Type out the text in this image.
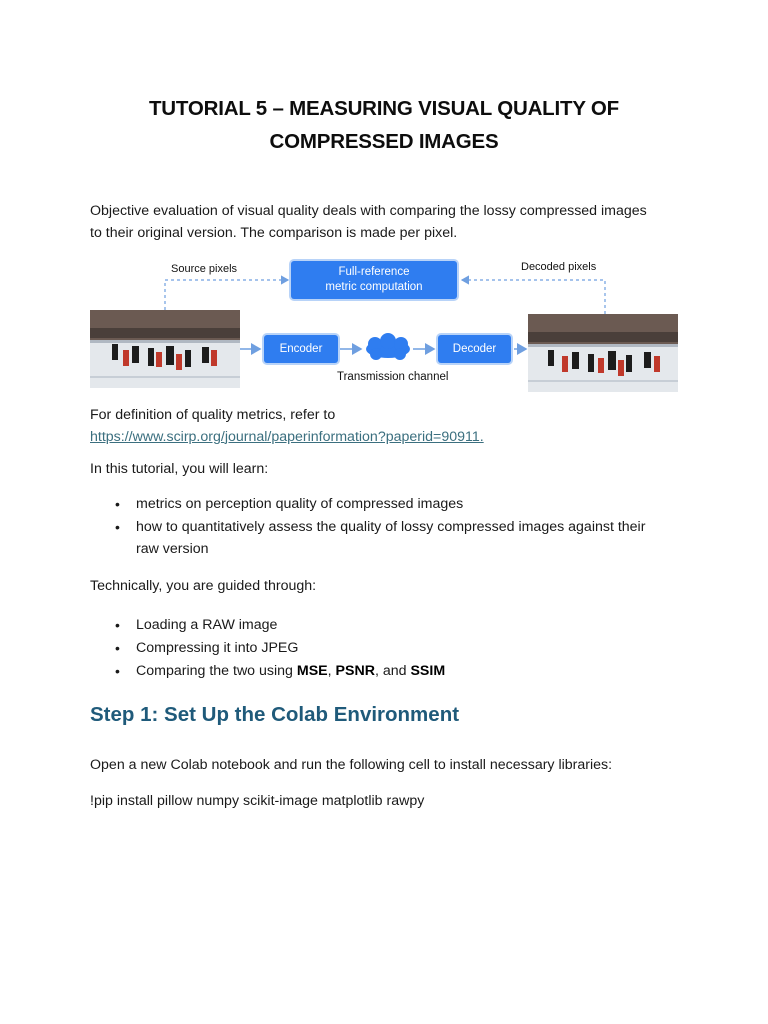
TUTORIAL 5 – MEASURING VISUAL QUALITY OF
COMPRESSED IMAGES
Objective evaluation of visual quality deals with comparing the lossy compressed images
to their original version. The comparison is made per pixel.
Source pixels	Decoded pixels
Full-reference
metric computation
Encoder	Decoder
Transmission channel
For definition of quality metrics, refer to
https://www.scirp.org/journal/paperinformation?paperid=90911.
In this tutorial, you will learn:
• metrics on perception quality of compressed images
• how to quantitatively assess the quality of lossy compressed images against their
raw version
Technically, you are guided through:
• Loading a RAW image
• Compressing it into JPEG
• Comparing the two using MSE, PSNR, and SSIM
Step 1: Set Up the Colab Environment
Open a new Colab notebook and run the following cell to install necessary libraries:
!pip install pillow numpy scikit-image matplotlib rawpy
